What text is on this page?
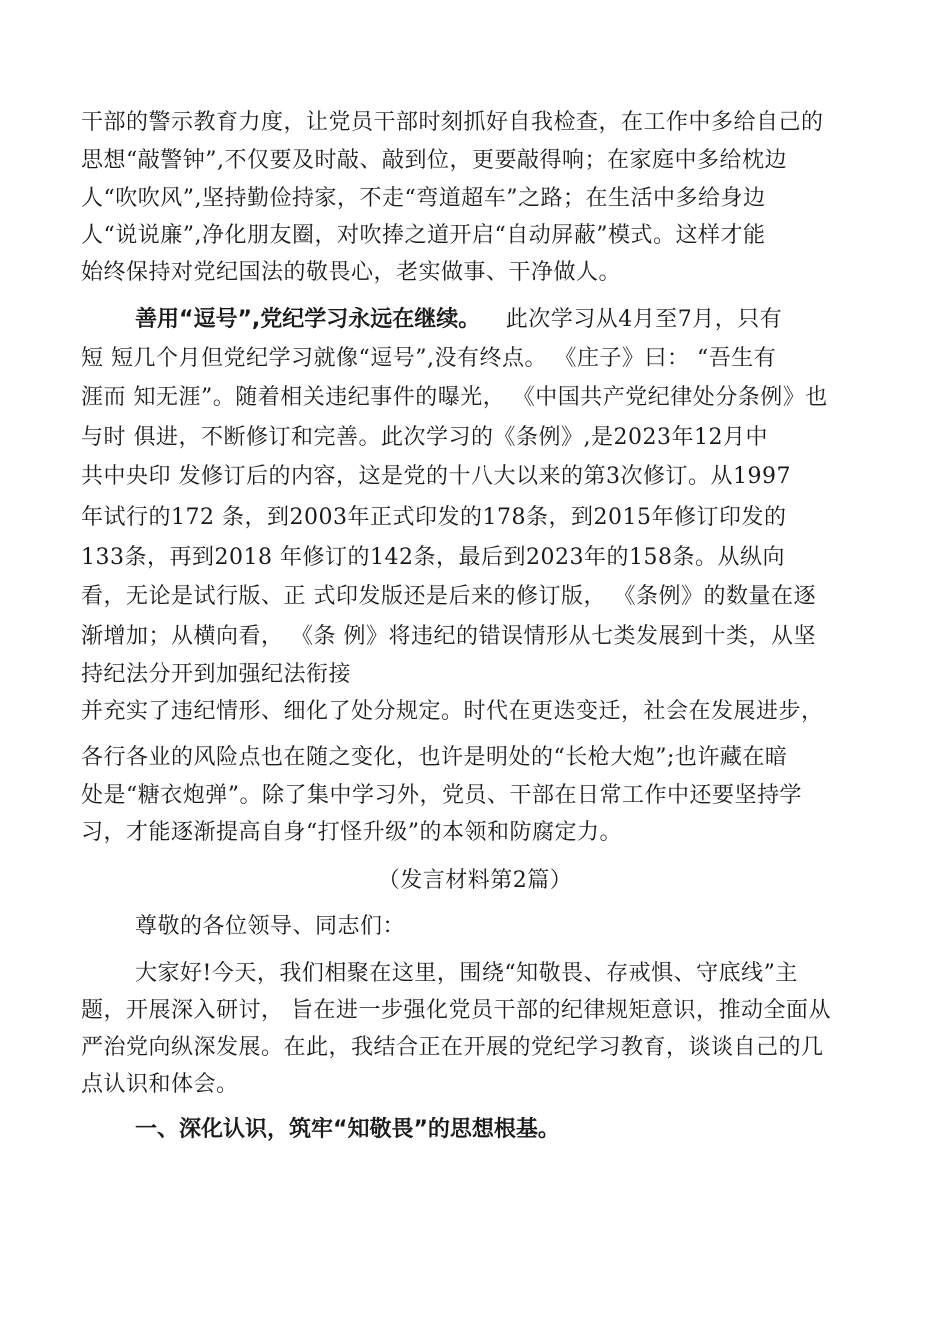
干部的警示教育力度，让党员干部时刻抓好自我检查，在工作中多给自己的
思想“敲警钟”,不仅要及时敲、敲到位，更要敲得响；在家庭中多给枕边
人“吹吹风”,坚持勤俭持家，不走“弯道超车”之路；在生活中多给身边
人“说说廉”,净化朋友圈，对吹捧之道开启“自动屏蔽”模式。这样才能
始终保持对党纪国法的敬畏心，老实做事、干净做人。
善用“逗号”,党纪学习永远在继续。 此次学习从4月至7月，只有
短 短几个月但党纪学习就像“逗号”,没有终点。 《庄子》曰： “吾生有
涯而 知无涯”。随着相关违纪事件的曝光， 《中国共产党纪律处分条例》也
与时 俱进，不断修订和完善。此次学习的《条例》,是2023年12月中
共中央印 发修订后的内容，这是党的十八大以来的第3次修订。从1997
年试行的172 条，到2003年正式印发的178条，到2015年修订印发的
133条，再到2018 年修订的142条，最后到2023年的158条。从纵向
看，无论是试行版、正 式印发版还是后来的修订版， 《条例》的数量在逐
渐增加；从横向看， 《条 例》将违纪的错误情形从七类发展到十类，从坚
持纪法分开到加强纪法衔接
并充实了违纪情形、细化了处分规定。时代在更迭变迁，社会在发展进步，
各行各业的风险点也在随之变化，也许是明处的“长枪大炮”;也许藏在暗
处是“糖衣炮弹”。除了集中学习外，党员、干部在日常工作中还要坚持学
习，才能逐渐提高自身“打怪升级”的本领和防腐定力。
（发言材料第2篇）
尊敬的各位领导、同志们：
大家好!今天，我们相聚在这里，围绕“知敬畏、存戒惧、守底线”主
题，开展深入研讨， 旨在进一步强化党员干部的纪律规矩意识，推动全面从
严治党向纵深发展。在此，我结合正在开展的党纪学习教育，谈谈自己的几
点认识和体会。
一、深化认识，筑牢“知敬畏”的思想根基。
